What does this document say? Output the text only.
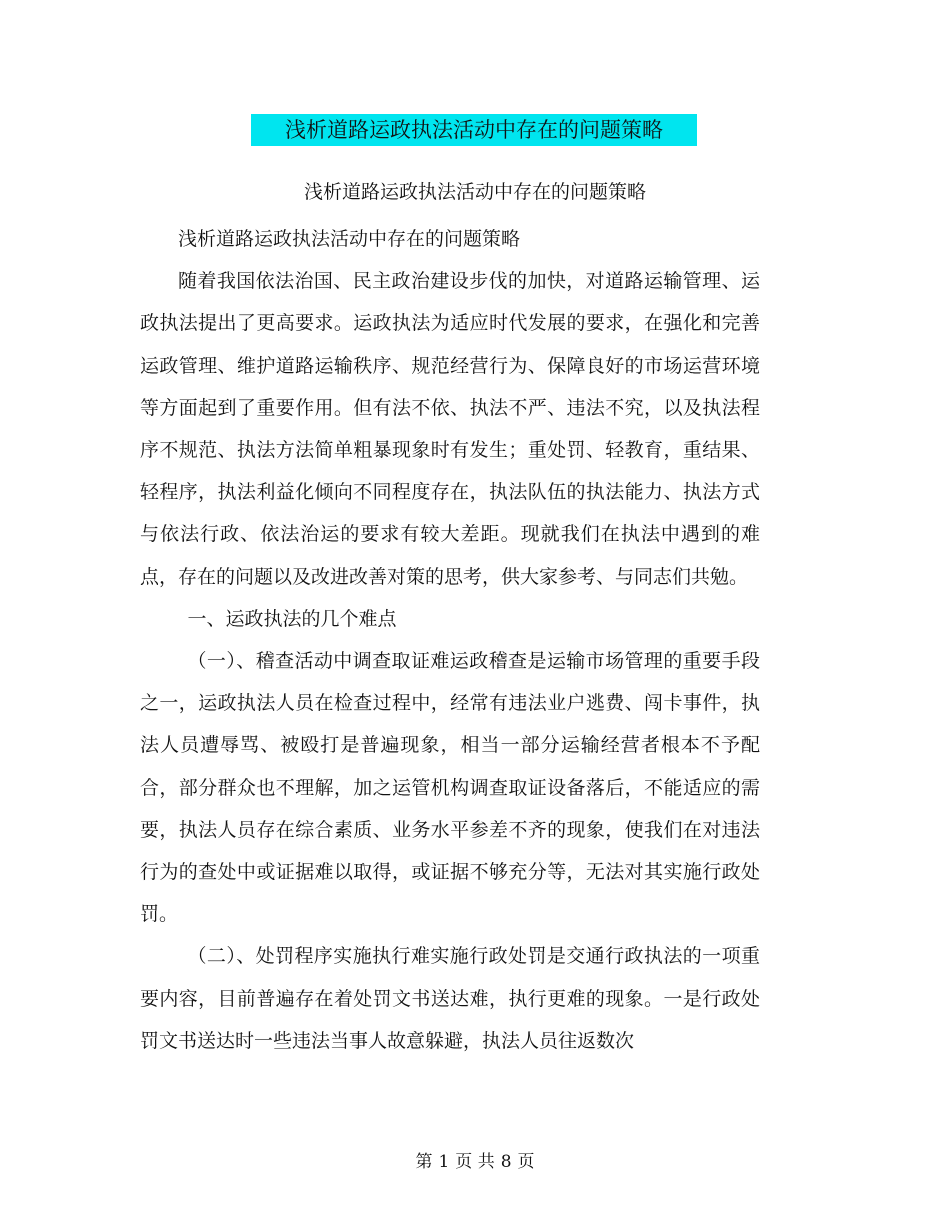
浅析道路运政执法活动中存在的问题策略
浅析道路运政执法活动中存在的问题策略

浅析道路运政执法活动中存在的问题策略

随着我国依法治国、民主政治建设步伐的加快，对道路运输管理、运政执法提出了更高要求。运政执法为适应时代发展的要求，在强化和完善运政管理、维护道路运输秩序、规范经营行为、保障良好的市场运营环境等方面起到了重要作用。但有法不依、执法不严、违法不究，以及执法程序不规范、执法方法简单粗暴现象时有发生；重处罚、轻教育，重结果、轻程序，执法利益化倾向不同程度存在，执法队伍的执法能力、执法方式与依法行政、依法治运的要求有较大差距。现就我们在执法中遇到的难点，存在的问题以及改进改善对策的思考，供大家参考、与同志们共勉。

一、运政执法的几个难点

（一）、稽查活动中调查取证难运政稽查是运输市场管理的重要手段之一，运政执法人员在检查过程中，经常有违法业户逃费、闯卡事件，执法人员遭辱骂、被殴打是普遍现象，相当一部分运输经营者根本不予配合，部分群众也不理解，加之运管机构调查取证设备落后，不能适应的需要，执法人员存在综合素质、业务水平参差不齐的现象，使我们在对违法行为的查处中或证据难以取得，或证据不够充分等，无法对其实施行政处罚。

（二）、处罚程序实施执行难实施行政处罚是交通行政执法的一项重要内容，目前普遍存在着处罚文书送达难，执行更难的现象。一是行政处罚文书送达时一些违法当事人故意躲避，执法人员往返数次

第 1 页 共 8 页
